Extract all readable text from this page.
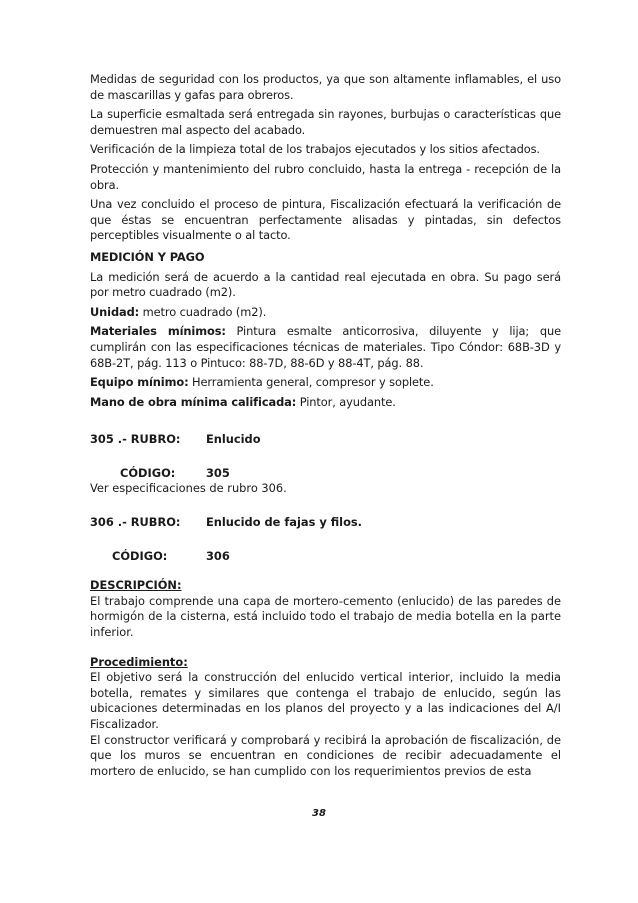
Medidas de seguridad con los productos, ya que son altamente inflamables, el uso de mascarillas y gafas para obreros.

La superficie esmaltada será entregada sin rayones, burbujas o características que demuestren mal aspecto del acabado.

Verificación de la limpieza total de los trabajos ejecutados y los sitios afectados.

Protección y mantenimiento del rubro concluido, hasta la entrega - recepción de la obra.

Una vez concluido el proceso de pintura, Fiscalización efectuará la verificación de que éstas se encuentran perfectamente alisadas y pintadas, sin defectos perceptibles visualmente o al tacto.

MEDICIÓN Y PAGO

La medición será de acuerdo a la cantidad real ejecutada en obra. Su pago será por metro cuadrado (m2).

Unidad: metro cuadrado (m2).

Materiales mínimos: Pintura esmalte anticorrosiva, diluyente y lija; que cumplirán con las especificaciones técnicas de materiales. Tipo Cóndor: 68B-3D y 68B-2T, pág. 113 o Pintuco: 88-7D, 88-6D y 88-4T, pág. 88.

Equipo mínimo: Herramienta general, compresor y soplete.

Mano de obra mínima calificada: Pintor, ayudante.

305 .- RUBRO:	Enlucido
CÓDIGO:	305

Ver especificaciones de rubro 306.

306 .- RUBRO:	Enlucido de fajas y filos.
CÓDIGO:	306

DESCRIPCIÓN:

El trabajo comprende una capa de mortero-cemento (enlucido) de las paredes de hormigón de la cisterna, está incluido todo el trabajo de media botella en la parte inferior.

Procedimiento:

El objetivo será la construcción del enlucido vertical interior, incluido la media botella, remates y similares que contenga el trabajo de enlucido, según las ubicaciones determinadas en los planos del proyecto y a las indicaciones del A/I Fiscalizador.

El constructor verificará y comprobará y recibirá la aprobación de fiscalización, de que los muros se encuentran en condiciones de recibir adecuadamente el mortero de enlucido, se han cumplido con los requerimientos previos de esta

38
